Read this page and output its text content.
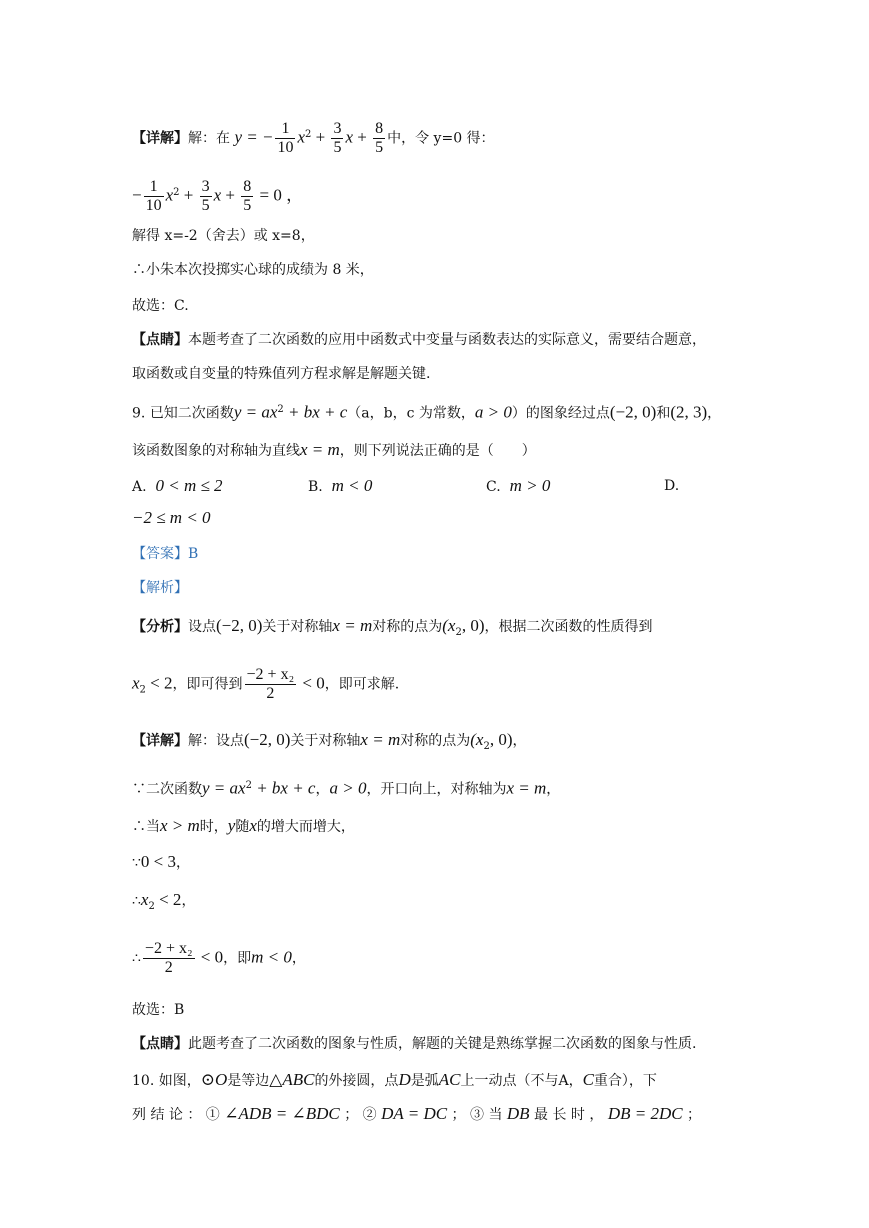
【详解】解：在 y = − $\frac{1}{10} x^2 + \frac{3}{5}$ $x + \frac{8}{5}$ 中，令 y=0 得：
− $\frac{1}{10} x^2 + \frac{3}{5}$ $x + \frac{8}{5} = 0$ ，
解得 x=-2（舍去）或 x=8，
∴小朱本次投掷实心球的成绩为 8 米，
故选：C.
【点睛】本题考查了二次函数的应用中函数式中变量与函数表达的实际意义，需要结合题意，
取函数或自变量的特殊值列方程求解是解题关键.
9. 已知二次函数$y = ax^2$ + bx + c（a，b，c 为常数，a > 0）的图象经过点(−2, 0)和(2, 3)，
该函数图象的对称轴为直线x = m，则下列说法正确的是（　　）
A. 0 < m ≤ 2	B. m < 0	C. m > 0	D.
−2 ≤ m < 0
【答案】B
【解析】
【分析】设点(−2, 0)关于对称轴x = m对称的点为($x_2$, 0)，根据二次函数的性质得到
$x_2 < 2$，即可得到 $\frac{\text{−2 + x₂}}{2} < 0$，即可求解.
【详解】解：设点(−2, 0)关于对称轴x = m对称的点为($x_2$, 0)，
∵二次函数$y = ax^2$ + bx + c，a > 0，开口向上，对称轴为x = m，
∴当x > m时，y随x的增大而增大，
∵0 < 3，
$\therefore x_2 < 2$，
∴ $\frac{\text{−2 + x₂}}{2} < 0$，即m < 0，
故选：B
【点睛】此题考查了二次函数的图象与性质，解题的关键是熟练掌握二次函数的图象与性质.
10. 如图，⊙O是等边△ABC的外接圆，点D是弧AC上一动点（不与A，C重合），下
列 结 论 ： ① ∠ADB = ∠BDC ； ② DA = DC ； ③ 当 DB 最 长 时 ， DB = 2DC ；
